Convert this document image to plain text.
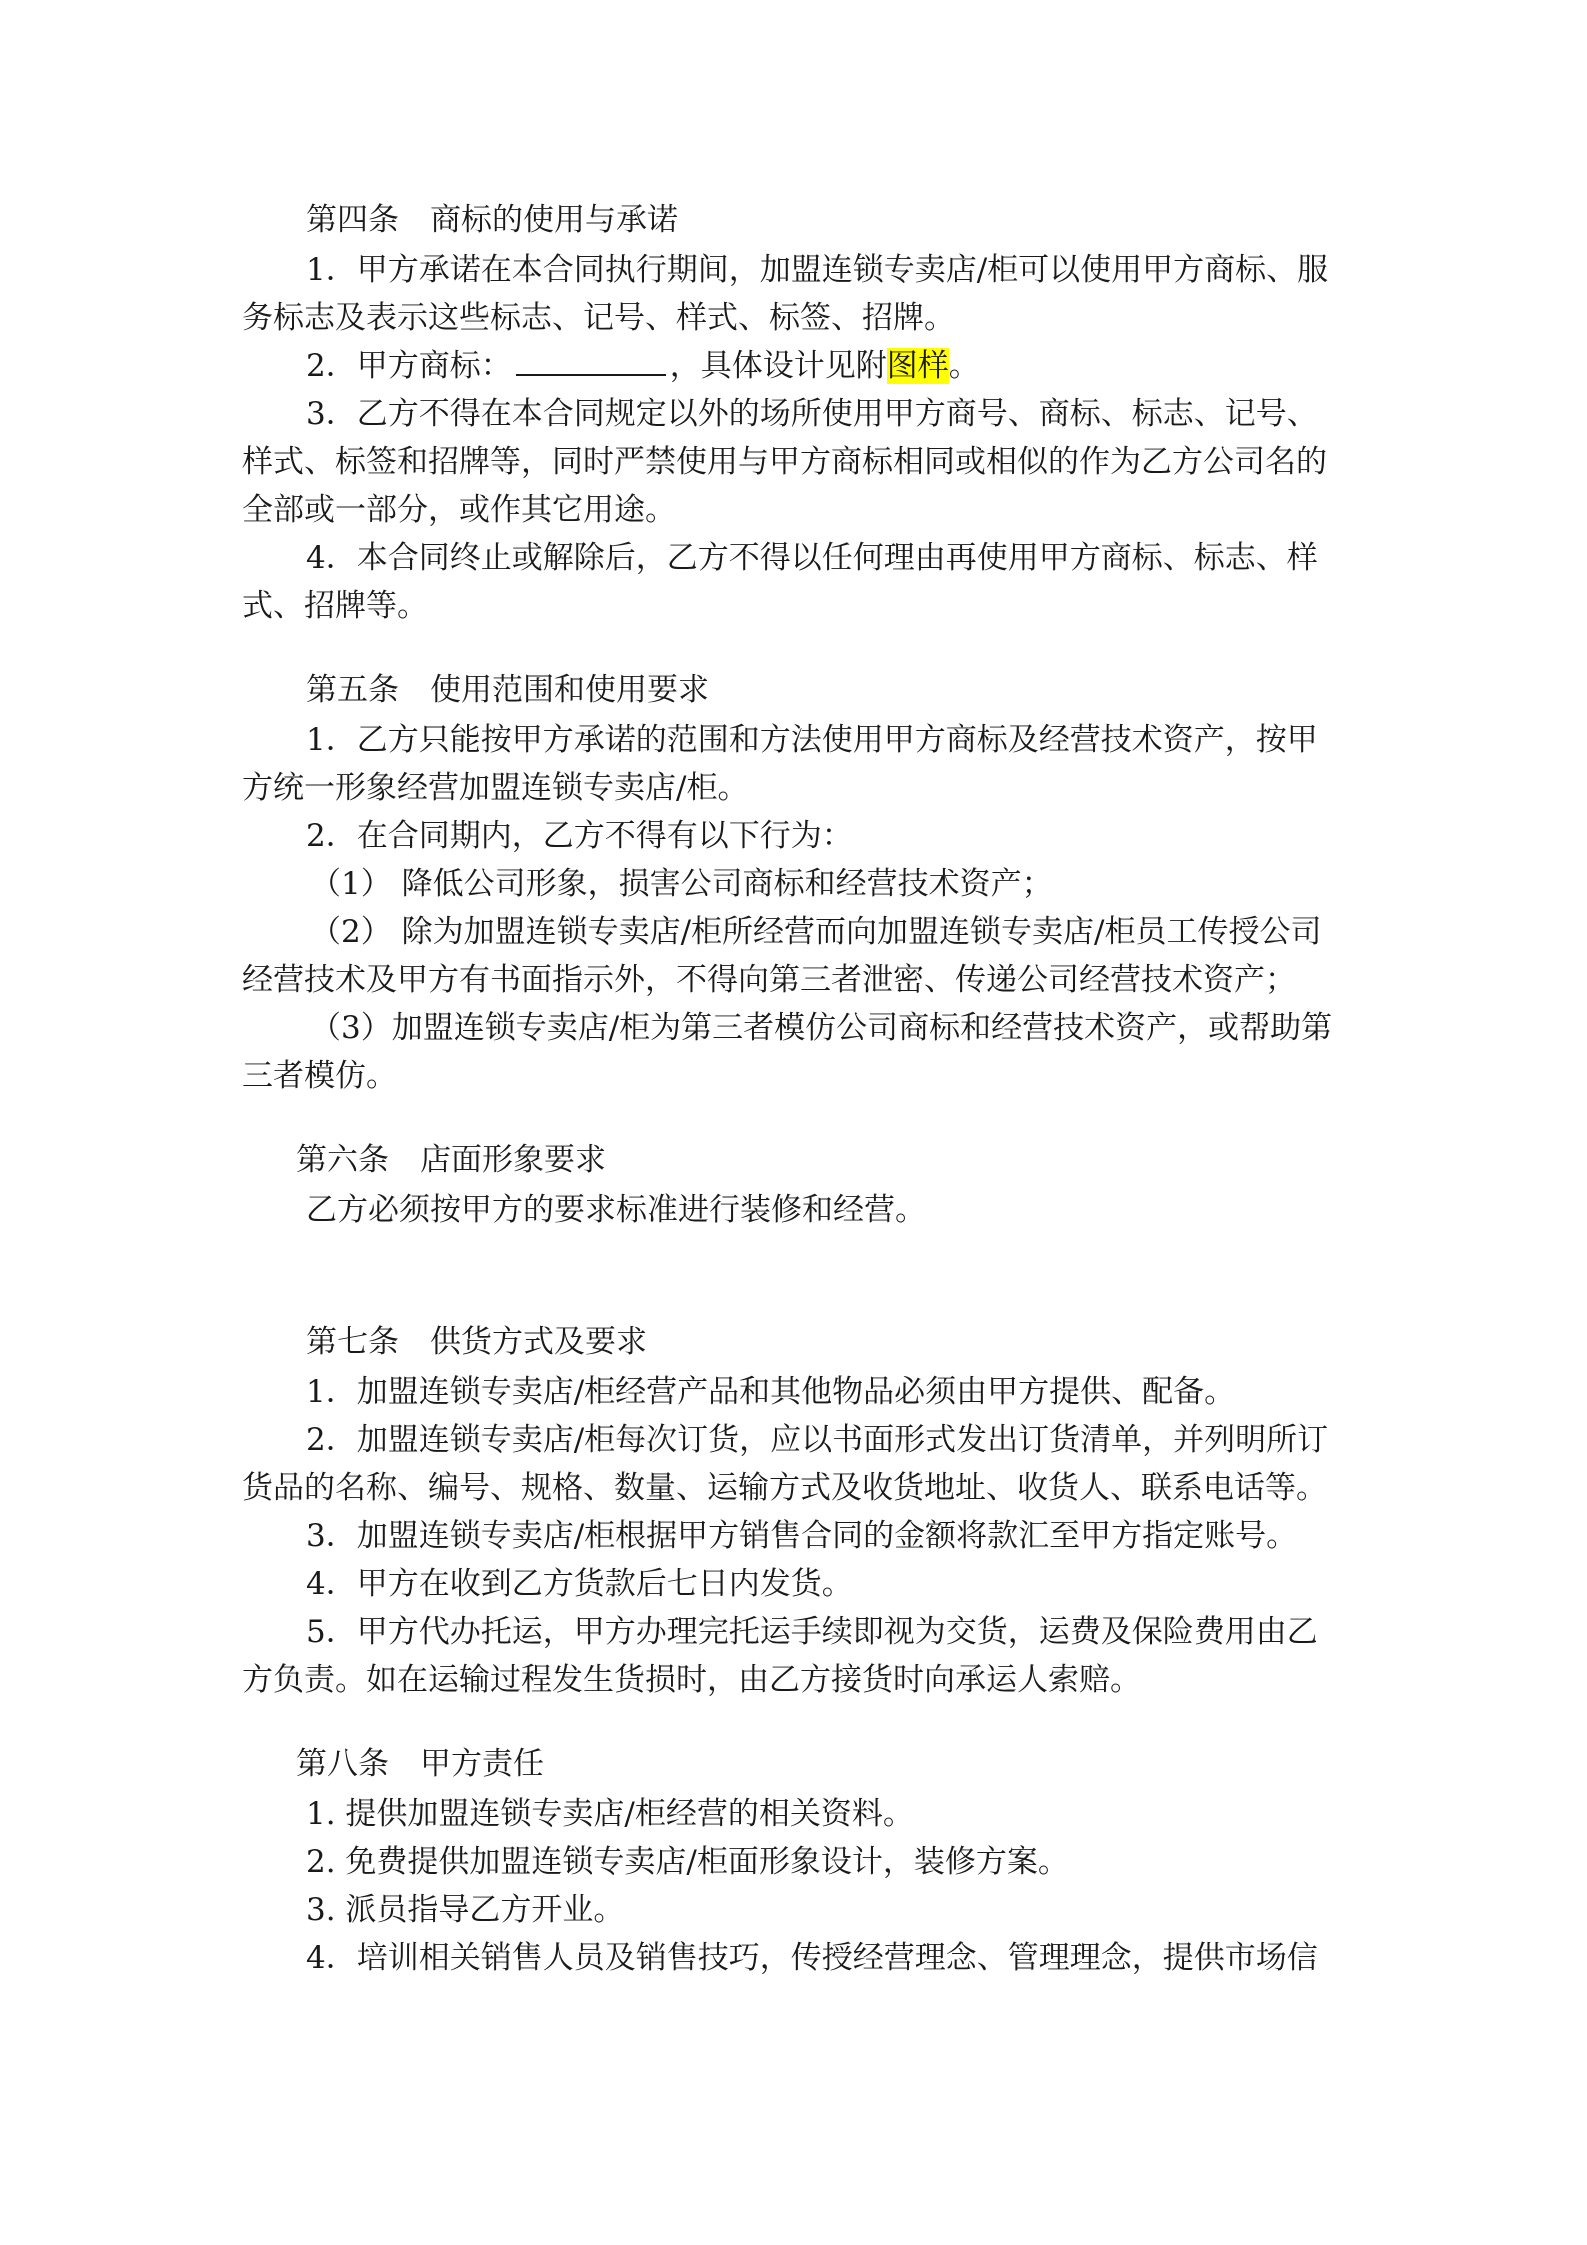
第四条　商标的使用与承诺
1．甲方承诺在本合同执行期间，加盟连锁专卖店/柜可以使用甲方商标、服
务标志及表示这些标志、记号、样式、标签、招牌。
2．甲方商标：	，具体设计见附图样。
3．乙方不得在本合同规定以外的场所使用甲方商号、商标、标志、记号、
样式、标签和招牌等，同时严禁使用与甲方商标相同或相似的作为乙方公司名的
全部或一部分，或作其它用途。
4．本合同终止或解除后，乙方不得以任何理由再使用甲方商标、标志、样
式、招牌等。
第五条　使用范围和使用要求
1．乙方只能按甲方承诺的范围和方法使用甲方商标及经营技术资产，按甲
方统一形象经营加盟连锁专卖店/柜。
2．在合同期内，乙方不得有以下行为：
（1） 降低公司形象，损害公司商标和经营技术资产；
（2） 除为加盟连锁专卖店/柜所经营而向加盟连锁专卖店/柜员工传授公司
经营技术及甲方有书面指示外，不得向第三者泄密、传递公司经营技术资产；
（3）加盟连锁专卖店/柜为第三者模仿公司商标和经营技术资产，或帮助第
三者模仿。
第六条　店面形象要求
乙方必须按甲方的要求标准进行装修和经营。
第七条　供货方式及要求
1．加盟连锁专卖店/柜经营产品和其他物品必须由甲方提供、配备。
2．加盟连锁专卖店/柜每次订货，应以书面形式发出订货清单，并列明所订
货品的名称、编号、规格、数量、运输方式及收货地址、收货人、联系电话等。
3．加盟连锁专卖店/柜根据甲方销售合同的金额将款汇至甲方指定账号。
4．甲方在收到乙方货款后七日内发货。
5．甲方代办托运，甲方办理完托运手续即视为交货，运费及保险费用由乙
方负责。如在运输过程发生货损时，由乙方接货时向承运人索赔。
第八条　甲方责任
1. 提供加盟连锁专卖店/柜经营的相关资料。
2. 免费提供加盟连锁专卖店/柜面形象设计，装修方案。
3. 派员指导乙方开业。
4．培训相关销售人员及销售技巧，传授经营理念、管理理念，提供市场信
